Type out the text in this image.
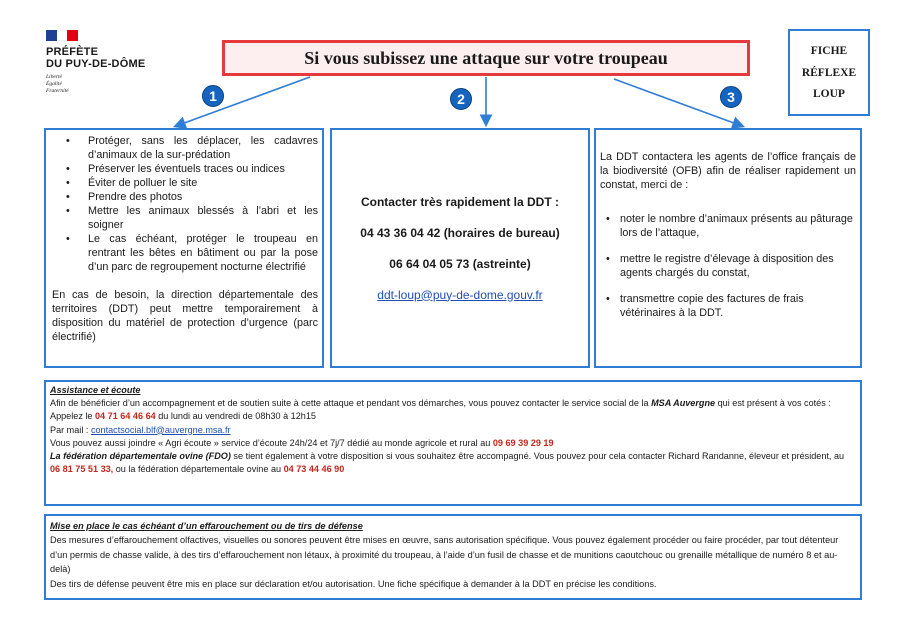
PRÉFÈTE
DU PUY-DE-DÔME
Liberté
Égalité
Fraternité
Si vous subissez une attaque sur votre troupeau	FICHE
RÉFLEXE
LOUP
1	2	3
• Protéger, sans les déplacer, les cadavres d’animaux de la sur-prédation
• Préserver les éventuels traces ou indices
• Éviter de polluer le site
• Prendre des photos
• Mettre les animaux blessés à l’abri et les soigner
• Le cas échéant, protéger le troupeau en rentrant les bêtes en bâtiment ou par la pose d’un parc de regroupement nocturne électrifié
En cas de besoin, la direction départementale des territoires (DDT) peut mettre temporairement à disposition du matériel de protection d’urgence (parc électrifié)
Contacter très rapidement la DDT :
04 43 36 04 42 (horaires de bureau)
06 64 04 05 73 (astreinte)
ddt-loup@puy-de-dome.gouv.fr
La DDT contactera les agents de l’office français de la biodiversité (OFB) afin de réaliser rapidement un constat, merci de :
• noter le nombre d’animaux présents au pâturage lors de l’attaque,
• mettre le registre d’élevage à disposition des agents chargés du constat,
• transmettre copie des factures de frais vétérinaires à la DDT.
Assistance et écoute
Afin de bénéficier d’un accompagnement et de soutien suite à cette attaque et pendant vos démarches, vous pouvez contacter le service social de la MSA Auvergne qui est présent à vos cotés :
Appelez le 04 71 64 46 64 du lundi au vendredi de 08h30 à 12h15
Par mail : contactsocial.blf@auvergne.msa.fr
Vous pouvez aussi joindre « Agri écoute » service d’écoute 24h/24 et 7j/7 dédié au monde agricole et rural au 09 69 39 29 19
La fédération départementale ovine (FDO) se tient également à votre disposition si vous souhaitez être accompagné. Vous pouvez pour cela contacter Richard Randanne, éleveur et président, au 06 81 75 51 33, ou la fédération départementale ovine au 04 73 44 46 90
Mise en place le cas échéant d’un effarouchement ou de tirs de défense
Des mesures d’effarouchement olfactives, visuelles ou sonores peuvent être mises en œuvre, sans autorisation spécifique. Vous pouvez également procéder ou faire procéder, par tout détenteur d’un permis de chasse valide, à des tirs d’effarouchement non létaux, à proximité du troupeau, à l’aide d’un fusil de chasse et de munitions caoutchouc ou grenaille métallique de numéro 8 et au-delà)
Des tirs de défense peuvent être mis en place sur déclaration et/ou autorisation. Une fiche spécifique à demander à la DDT en précise les conditions.
